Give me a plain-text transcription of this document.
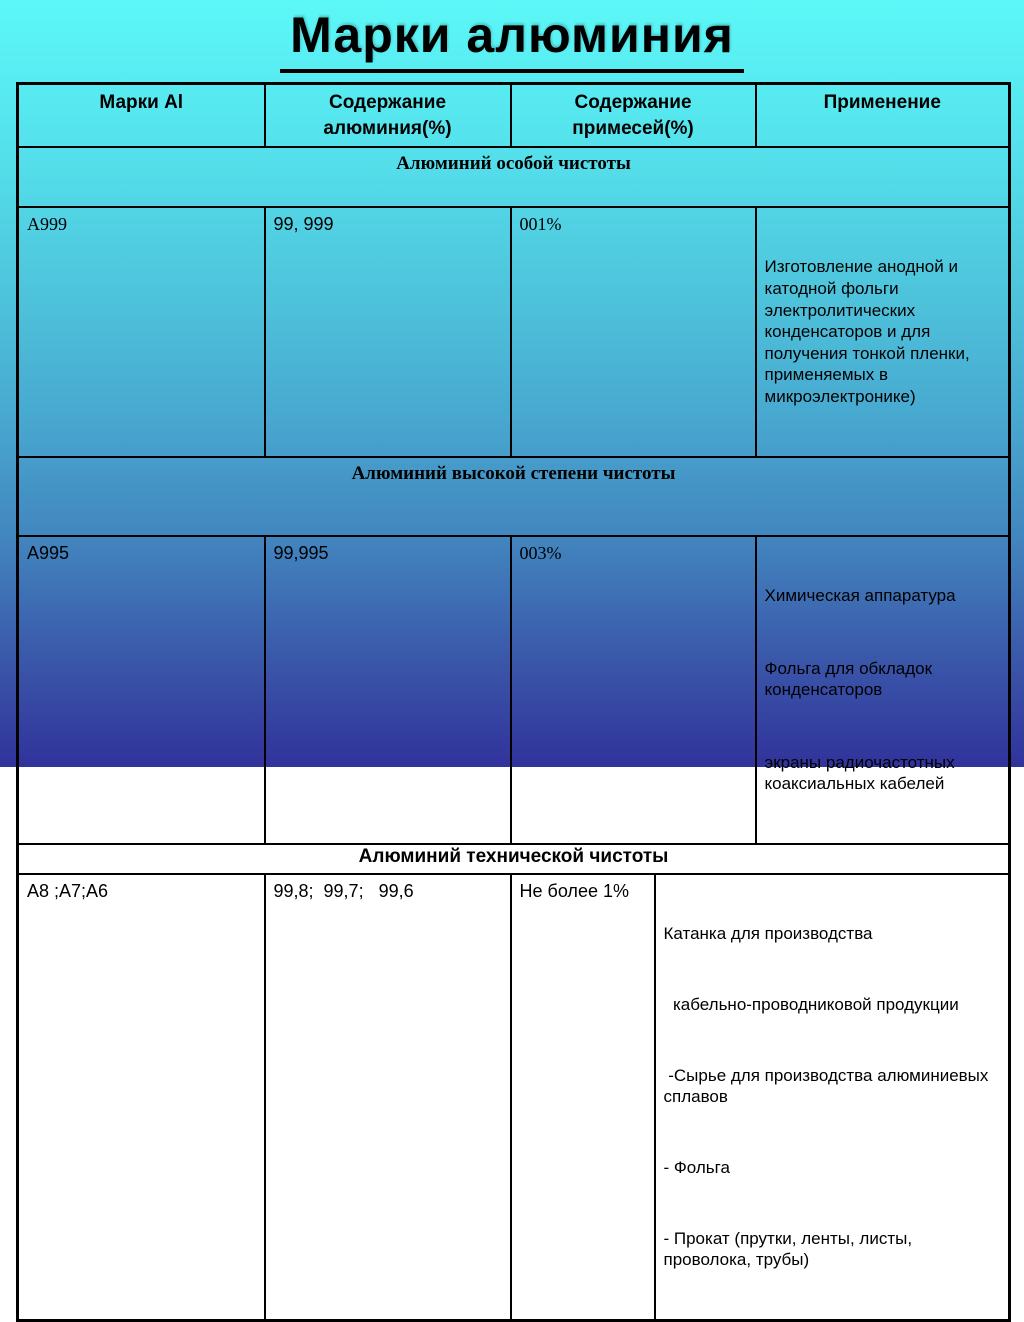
Марки алюминия
Марки Al	Содержание алюминия(%)	Содержание примесей(%)		Применение
Алюминий особой чистоты				
А999	99, 999	001%		Изготовление анодной и катодной фольги электролитических конденсаторов и для получения тонкой пленки, применяемых в микроэлектронике)

Алюминий высокой степени чистоты				
А995	99,995	003%		Химическая аппаратура

Фольга для обкладок конденсаторов

экраны радиочастотных коаксиальных кабелей

Алюминий технической чистоты				
А8 ;А7;А6	99,8;  99,7;   99,6	Не более 1%	Катанка для производства

кабельно-проводниковой продукции

-Сырье для производства алюминиевых сплавов

- Фольга

- Прокат (прутки, ленты, листы, проволока, трубы)	
